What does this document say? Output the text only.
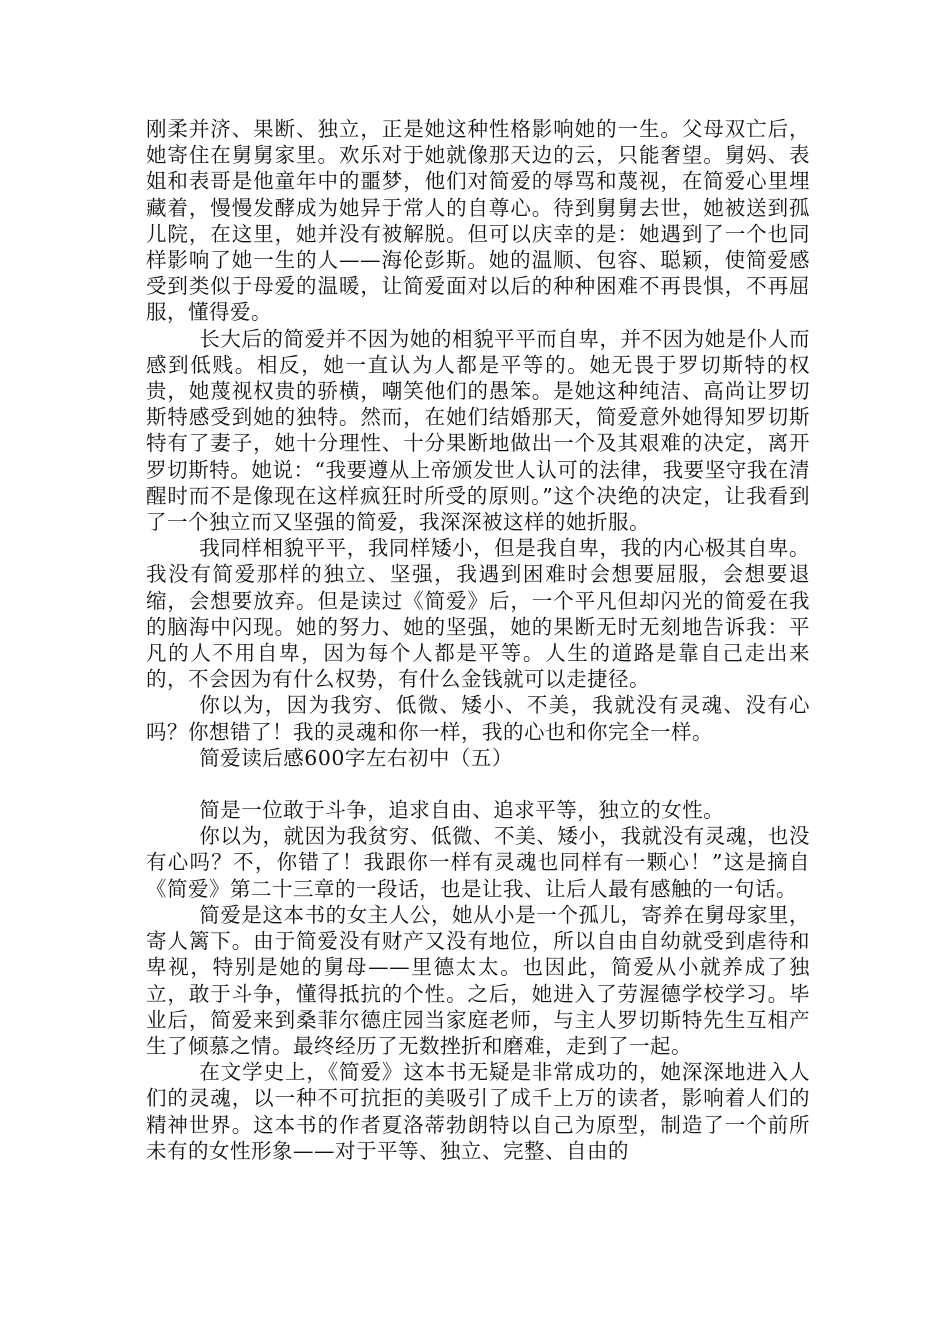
刚柔并济、果断、独立，正是她这种性格影响她的一生。父母双亡后，她寄住在舅舅家里。欢乐对于她就像那天边的云，只能奢望。舅妈、表姐和表哥是他童年中的噩梦，他们对简爱的辱骂和蔑视，在简爱心里埋藏着，慢慢发酵成为她异于常人的自尊心。待到舅舅去世，她被送到孤儿院，在这里，她并没有被解脱。但可以庆幸的是：她遇到了一个也同样影响了她一生的人——海伦彭斯。她的温顺、包容、聪颖，使简爱感受到类似于母爱的温暖，让简爱面对以后的种种困难不再畏惧，不再屈服，懂得爱。

长大后的简爱并不因为她的相貌平平而自卑，并不因为她是仆人而感到低贱。相反，她一直认为人都是平等的。她无畏于罗切斯特的权贵，她蔑视权贵的骄横，嘲笑他们的愚笨。是她这种纯洁、高尚让罗切斯特感受到她的独特。然而，在她们结婚那天，简爱意外她得知罗切斯特有了妻子，她十分理性、十分果断地做出一个及其艰难的决定，离开罗切斯特。她说：“我要遵从上帝颁发世人认可的法律，我要坚守我在清醒时而不是像现在这样疯狂时所受的原则。”这个决绝的决定，让我看到了一个独立而又坚强的简爱，我深深被这样的她折服。

我同样相貌平平，我同样矮小，但是我自卑，我的内心极其自卑。我没有简爱那样的独立、坚强，我遇到困难时会想要屈服，会想要退缩，会想要放弃。但是读过《简爱》后，一个平凡但却闪光的简爱在我的脑海中闪现。她的努力、她的坚强，她的果断无时无刻地告诉我：平凡的人不用自卑，因为每个人都是平等。人生的道路是靠自己走出来的，不会因为有什么权势，有什么金钱就可以走捷径。

你以为，因为我穷、低微、矮小、不美，我就没有灵魂、没有心吗？你想错了！我的灵魂和你一样，我的心也和你完全一样。

简爱读后感600字左右初中（五）

简是一位敢于斗争，追求自由、追求平等，独立的女性。

你以为，就因为我贫穷、低微、不美、矮小，我就没有灵魂，也没有心吗？不，你错了！我跟你一样有灵魂也同样有一颗心！”这是摘自《简爱》第二十三章的一段话，也是让我、让后人最有感触的一句话。

简爱是这本书的女主人公，她从小是一个孤儿，寄养在舅母家里，寄人篱下。由于简爱没有财产又没有地位，所以自由自幼就受到虐待和卑视，特别是她的舅母——里德太太。也因此，简爱从小就养成了独立，敢于斗争，懂得抵抗的个性。之后，她进入了劳渥德学校学习。毕业后，简爱来到桑菲尔德庄园当家庭老师，与主人罗切斯特先生互相产生了倾慕之情。最终经历了无数挫折和磨难，走到了一起。

在文学史上，《简爱》这本书无疑是非常成功的，她深深地进入人们的灵魂，以一种不可抗拒的美吸引了成千上万的读者，影响着人们的精神世界。这本书的作者夏洛蒂勃朗特以自己为原型，制造了一个前所未有的女性形象——对于平等、独立、完整、自由的
